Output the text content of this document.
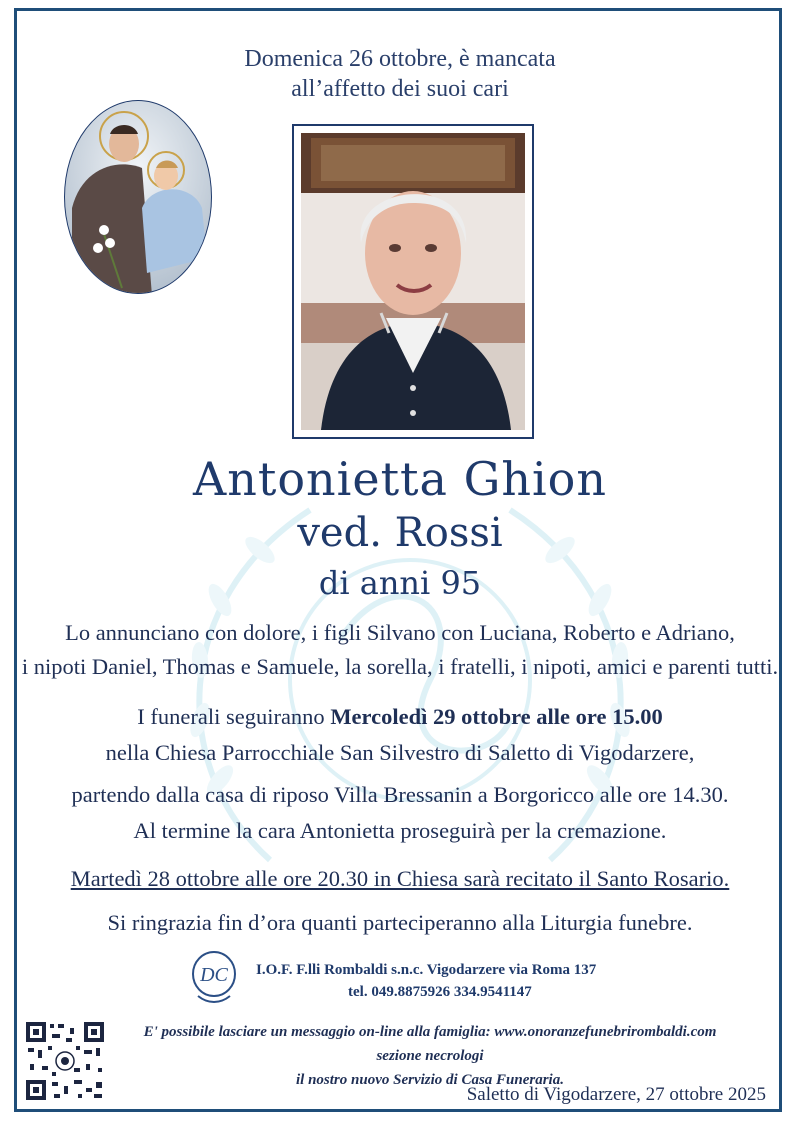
Domenica 26 ottobre, è mancata
all’affetto dei suoi cari
Antonietta Ghion
ved. Rossi
di anni 95
Lo annunciano con dolore, i figli Silvano con Luciana, Roberto e Adriano,
i nipoti Daniel, Thomas e Samuele, la sorella, i fratelli, i nipoti, amici e parenti tutti.
I funerali seguiranno Mercoledì 29 ottobre alle ore 15.00
nella Chiesa Parrocchiale San Silvestro di Saletto di Vigodarzere,
partendo dalla casa di riposo Villa Bressanin a Borgoricco alle ore 14.30.
Al termine la cara Antonietta proseguirà per la cremazione.
Martedì 28 ottobre alle ore 20.30 in Chiesa sarà recitato il Santo Rosario.
Si ringrazia fin d’ora quanti parteciperanno alla Liturgia funebre.
DC I.O.F. F.lli Rombaldi s.n.c. Vigodarzere via Roma 137
tel. 049.8875926 334.9541147
E' possibile lasciare un messaggio on-line alla famiglia: www.onoranzefunebrirombaldi.com sezione necrologi
il nostro nuovo Servizio di Casa Funeraria.
Saletto di Vigodarzere, 27 ottobre 2025
